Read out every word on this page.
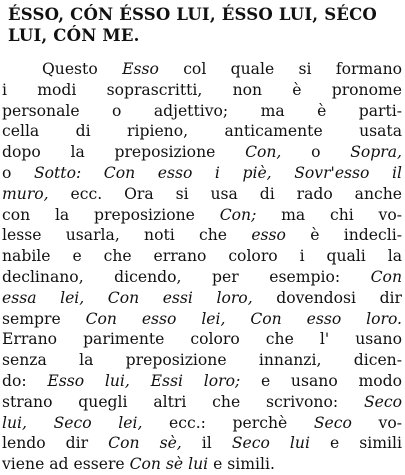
ÉSSO, CÓN ÉSSO LUI, ÉSSO LUI, SÉCO
LUI, CÓN ME.
Questo Esso col quale si formano
i modi soprascritti, non è pronome
personale o adjettivo; ma è parti-
cella di ripieno, anticamente usata
dopo la preposizione Con, o Sopra,
o Sotto: Con esso i piè, Sovr'esso il
muro, ecc. Ora si usa di rado anche
con la preposizione Con; ma chi vo-
lesse usarla, noti che esso è indecli-
nabile e che errano coloro i quali la
declinano, dicendo, per esempio: Con
essa lei, Con essi loro, dovendosi dir
sempre Con esso lei, Con esso loro.
Errano parimente coloro che l' usano
senza la preposizione innanzi, dicen-
do: Esso lui, Essi loro; e usano modo
strano quegli altri che scrivono: Seco
lui, Seco lei, ecc.: perchè Seco vo-
lendo dir Con sè, il Seco lui e simili
viene ad essere Con sè lui e simili.
